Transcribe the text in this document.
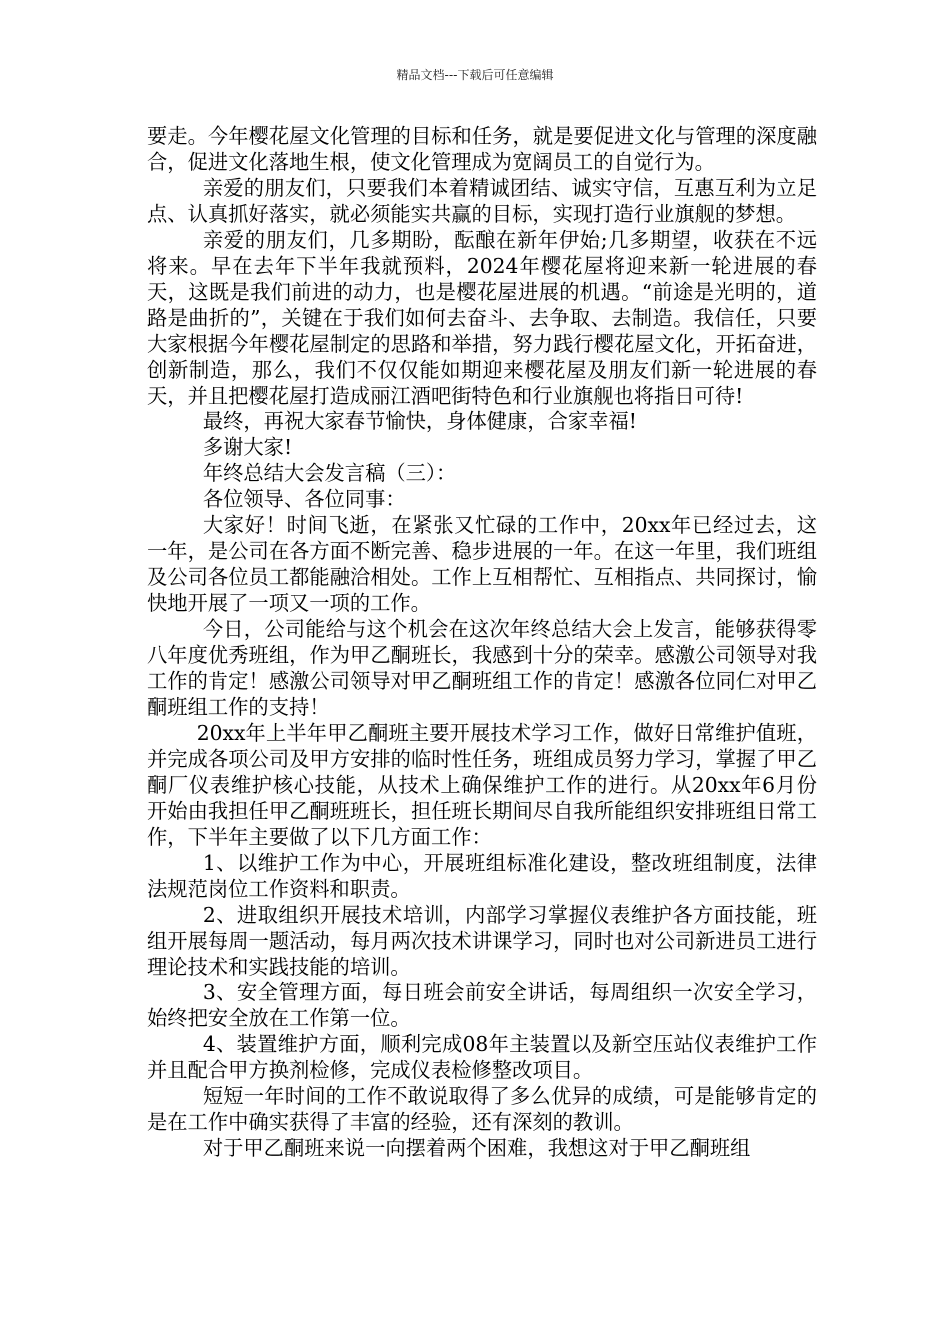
精品文档---下载后可任意编辑

要走。今年樱花屋文化管理的目标和任务，就是要促进文化与管理的深度融合，促进文化落地生根，使文化管理成为宽阔员工的自觉行为。

亲爱的朋友们，只要我们本着精诚团结、诚实守信，互惠互利为立足点、认真抓好落实，就必须能实共赢的目标，实现打造行业旗舰的梦想。

亲爱的朋友们，几多期盼，酝酿在新年伊始;几多期望，收获在不远将来。早在去年下半年我就预料，2024年樱花屋将迎来新一轮进展的春天，这既是我们前进的动力，也是樱花屋进展的机遇。“前途是光明的，道路是曲折的”，关键在于我们如何去奋斗、去争取、去制造。我信任，只要大家根据今年樱花屋制定的思路和举措，努力践行樱花屋文化，开拓奋进，创新制造，那么，我们不仅仅能如期迎来樱花屋及朋友们新一轮进展的春天，并且把樱花屋打造成丽江酒吧街特色和行业旗舰也将指日可待!

最终，再祝大家春节愉快，身体健康，合家幸福!

多谢大家!

年终总结大会发言稿（三）：

各位领导、各位同事：

大家好！时间飞逝，在紧张又忙碌的工作中，20xx年已经过去，这一年，是公司在各方面不断完善、稳步进展的一年。在这一年里，我们班组及公司各位员工都能融洽相处。工作上互相帮忙、互相指点、共同探讨，愉快地开展了一项又一项的工作。

今日，公司能给与这个机会在这次年终总结大会上发言，能够获得零八年度优秀班组，作为甲乙酮班长，我感到十分的荣幸。感激公司领导对我工作的肯定！感激公司领导对甲乙酮班组工作的肯定！感激各位同仁对甲乙酮班组工作的支持！

20xx年上半年甲乙酮班主要开展技术学习工作，做好日常维护值班，并完成各项公司及甲方安排的临时性任务，班组成员努力学习，掌握了甲乙酮厂仪表维护核心技能，从技术上确保维护工作的进行。从20xx年6月份开始由我担任甲乙酮班班长，担任班长期间尽自我所能组织安排班组日常工作，下半年主要做了以下几方面工作：

1、以维护工作为中心，开展班组标准化建设，整改班组制度，法律法规范岗位工作资料和职责。

2、进取组织开展技术培训，内部学习掌握仪表维护各方面技能，班组开展每周一题活动，每月两次技术讲课学习，同时也对公司新进员工进行理论技术和实践技能的培训。

3、安全管理方面，每日班会前安全讲话，每周组织一次安全学习，始终把安全放在工作第一位。

4、装置维护方面，顺利完成08年主装置以及新空压站仪表维护工作并且配合甲方换剂检修，完成仪表检修整改项目。

短短一年时间的工作不敢说取得了多么优异的成绩，可是能够肯定的是在工作中确实获得了丰富的经验，还有深刻的教训。

对于甲乙酮班来说一向摆着两个困难，我想这对于甲乙酮班组
